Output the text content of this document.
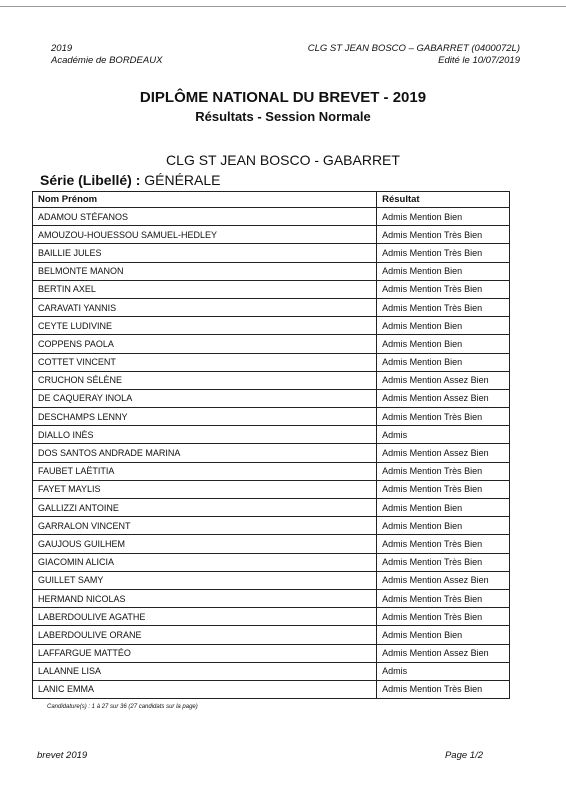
2019
Académie de BORDEAUX
CLG ST JEAN BOSCO – GABARRET (0400072L)
Edité le 10/07/2019
DIPLÔME NATIONAL DU BREVET - 2019
Résultats - Session Normale
CLG ST JEAN BOSCO - GABARRET
Série (Libellé) : GÉNÉRALE
Nom Prénom	Résultat
ADAMOU STÉFANOS	Admis Mention Bien
AMOUZOU-HOUESSOU SAMUEL-HEDLEY	Admis Mention Très Bien
BAILLIE JULES	Admis Mention Très Bien
BELMONTE MANON	Admis Mention Bien
BERTIN AXEL	Admis Mention Très Bien
CARAVATI YANNIS	Admis Mention Très Bien
CEYTE LUDIVINE	Admis Mention Bien
COPPENS PAOLA	Admis Mention Bien
COTTET VINCENT	Admis Mention Bien
CRUCHON SÉLÈNE	Admis Mention Assez Bien
DE CAQUERAY INOLA	Admis Mention Assez Bien
DESCHAMPS LENNY	Admis Mention Très Bien
DIALLO INÈS	Admis
DOS SANTOS ANDRADE MARINA	Admis Mention Assez Bien
FAUBET LAËTITIA	Admis Mention Très Bien
FAYET MAYLIS	Admis Mention Très Bien
GALLIZZI ANTOINE	Admis Mention Bien
GARRALON VINCENT	Admis Mention Bien
GAUJOUS GUILHEM	Admis Mention Très Bien
GIACOMIN ALICIA	Admis Mention Très Bien
GUILLET SAMY	Admis Mention Assez Bien
HERMAND NICOLAS	Admis Mention Très Bien
LABERDOULIVE AGATHE	Admis Mention Très Bien
LABERDOULIVE ORANE	Admis Mention Bien
LAFFARGUE MATTÉO	Admis Mention Assez Bien
LALANNE LISA	Admis
LANIC EMMA	Admis Mention Très Bien
Candidature(s) : 1 à 27 sur 36 (27 candidats sur la page)
brevet 2019	Page 1/2
